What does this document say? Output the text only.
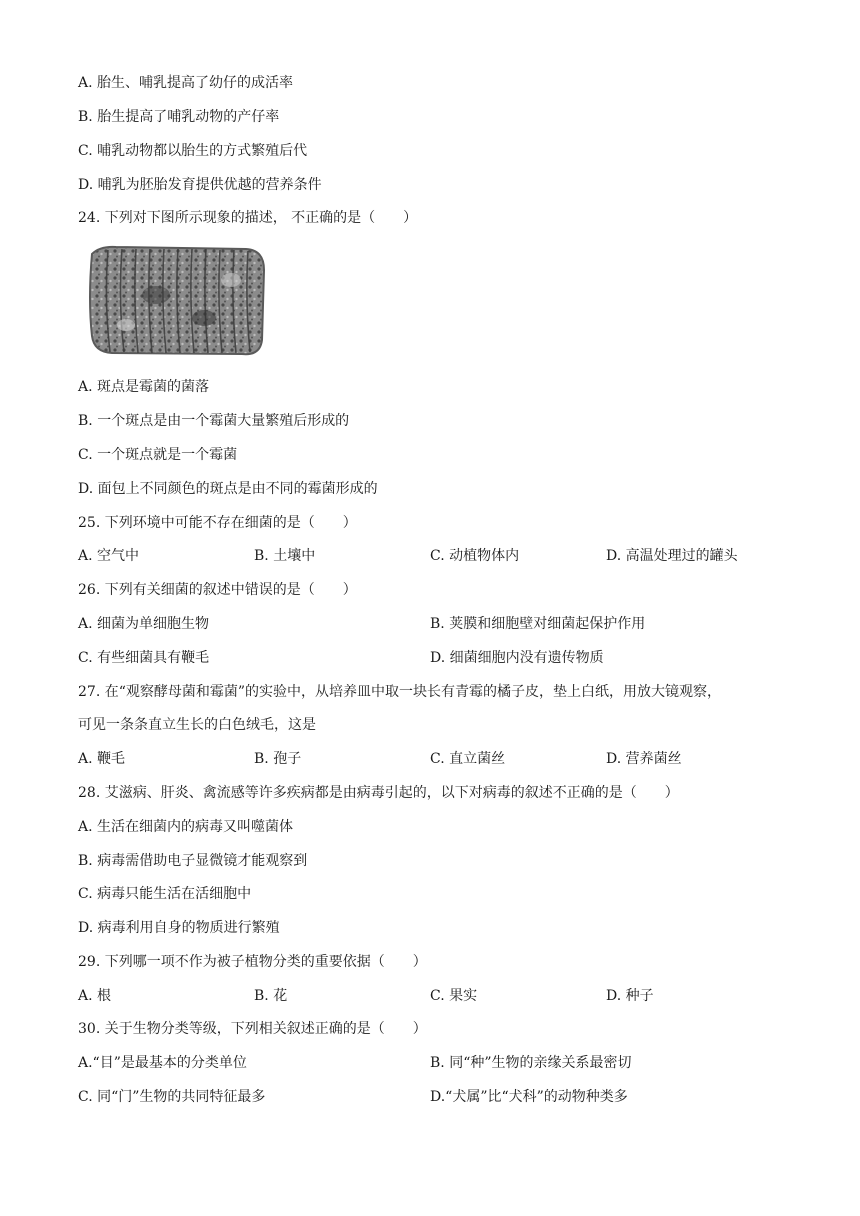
A. 胎生、哺乳提高了幼仔的成活率
B. 胎生提高了哺乳动物的产仔率
C. 哺乳动物都以胎生的方式繁殖后代
D. 哺乳为胚胎发育提供优越的营养条件
24. 下列对下图所示现象的描述， 不正确的是（　　）
A. 斑点是霉菌的菌落
B. 一个斑点是由一个霉菌大量繁殖后形成的
C. 一个斑点就是一个霉菌
D. 面包上不同颜色的斑点是由不同的霉菌形成的
25. 下列环境中可能不存在细菌的是（　　）
A. 空气中	B. 土壤中	C. 动植物体内	D. 高温处理过的罐头
26. 下列有关细菌的叙述中错误的是（　　）
A. 细菌为单细胞生物	B. 荚膜和细胞壁对细菌起保护作用
C. 有些细菌具有鞭毛	D. 细菌细胞内没有遗传物质
27. 在“观察酵母菌和霉菌”的实验中，从培养皿中取一块长有青霉的橘子皮，垫上白纸，用放大镜观察，
可见一条条直立生长的白色绒毛，这是
A. 鞭毛	B. 孢子	C. 直立菌丝	D. 营养菌丝
28. 艾滋病、肝炎、禽流感等许多疾病都是由病毒引起的，以下对病毒的叙述不正确的是（　　）
A. 生活在细菌内的病毒又叫噬菌体
B. 病毒需借助电子显微镜才能观察到
C. 病毒只能生活在活细胞中
D. 病毒利用自身的物质进行繁殖
29. 下列哪一项不作为被子植物分类的重要依据（　　）
A. 根	B. 花	C. 果实	D. 种子
30. 关于生物分类等级，下列相关叙述正确的是（　　）
A.“目”是最基本的分类单位	B. 同“种”生物的亲缘关系最密切
C. 同“门”生物的共同特征最多	D.“犬属”比“犬科”的动物种类多
